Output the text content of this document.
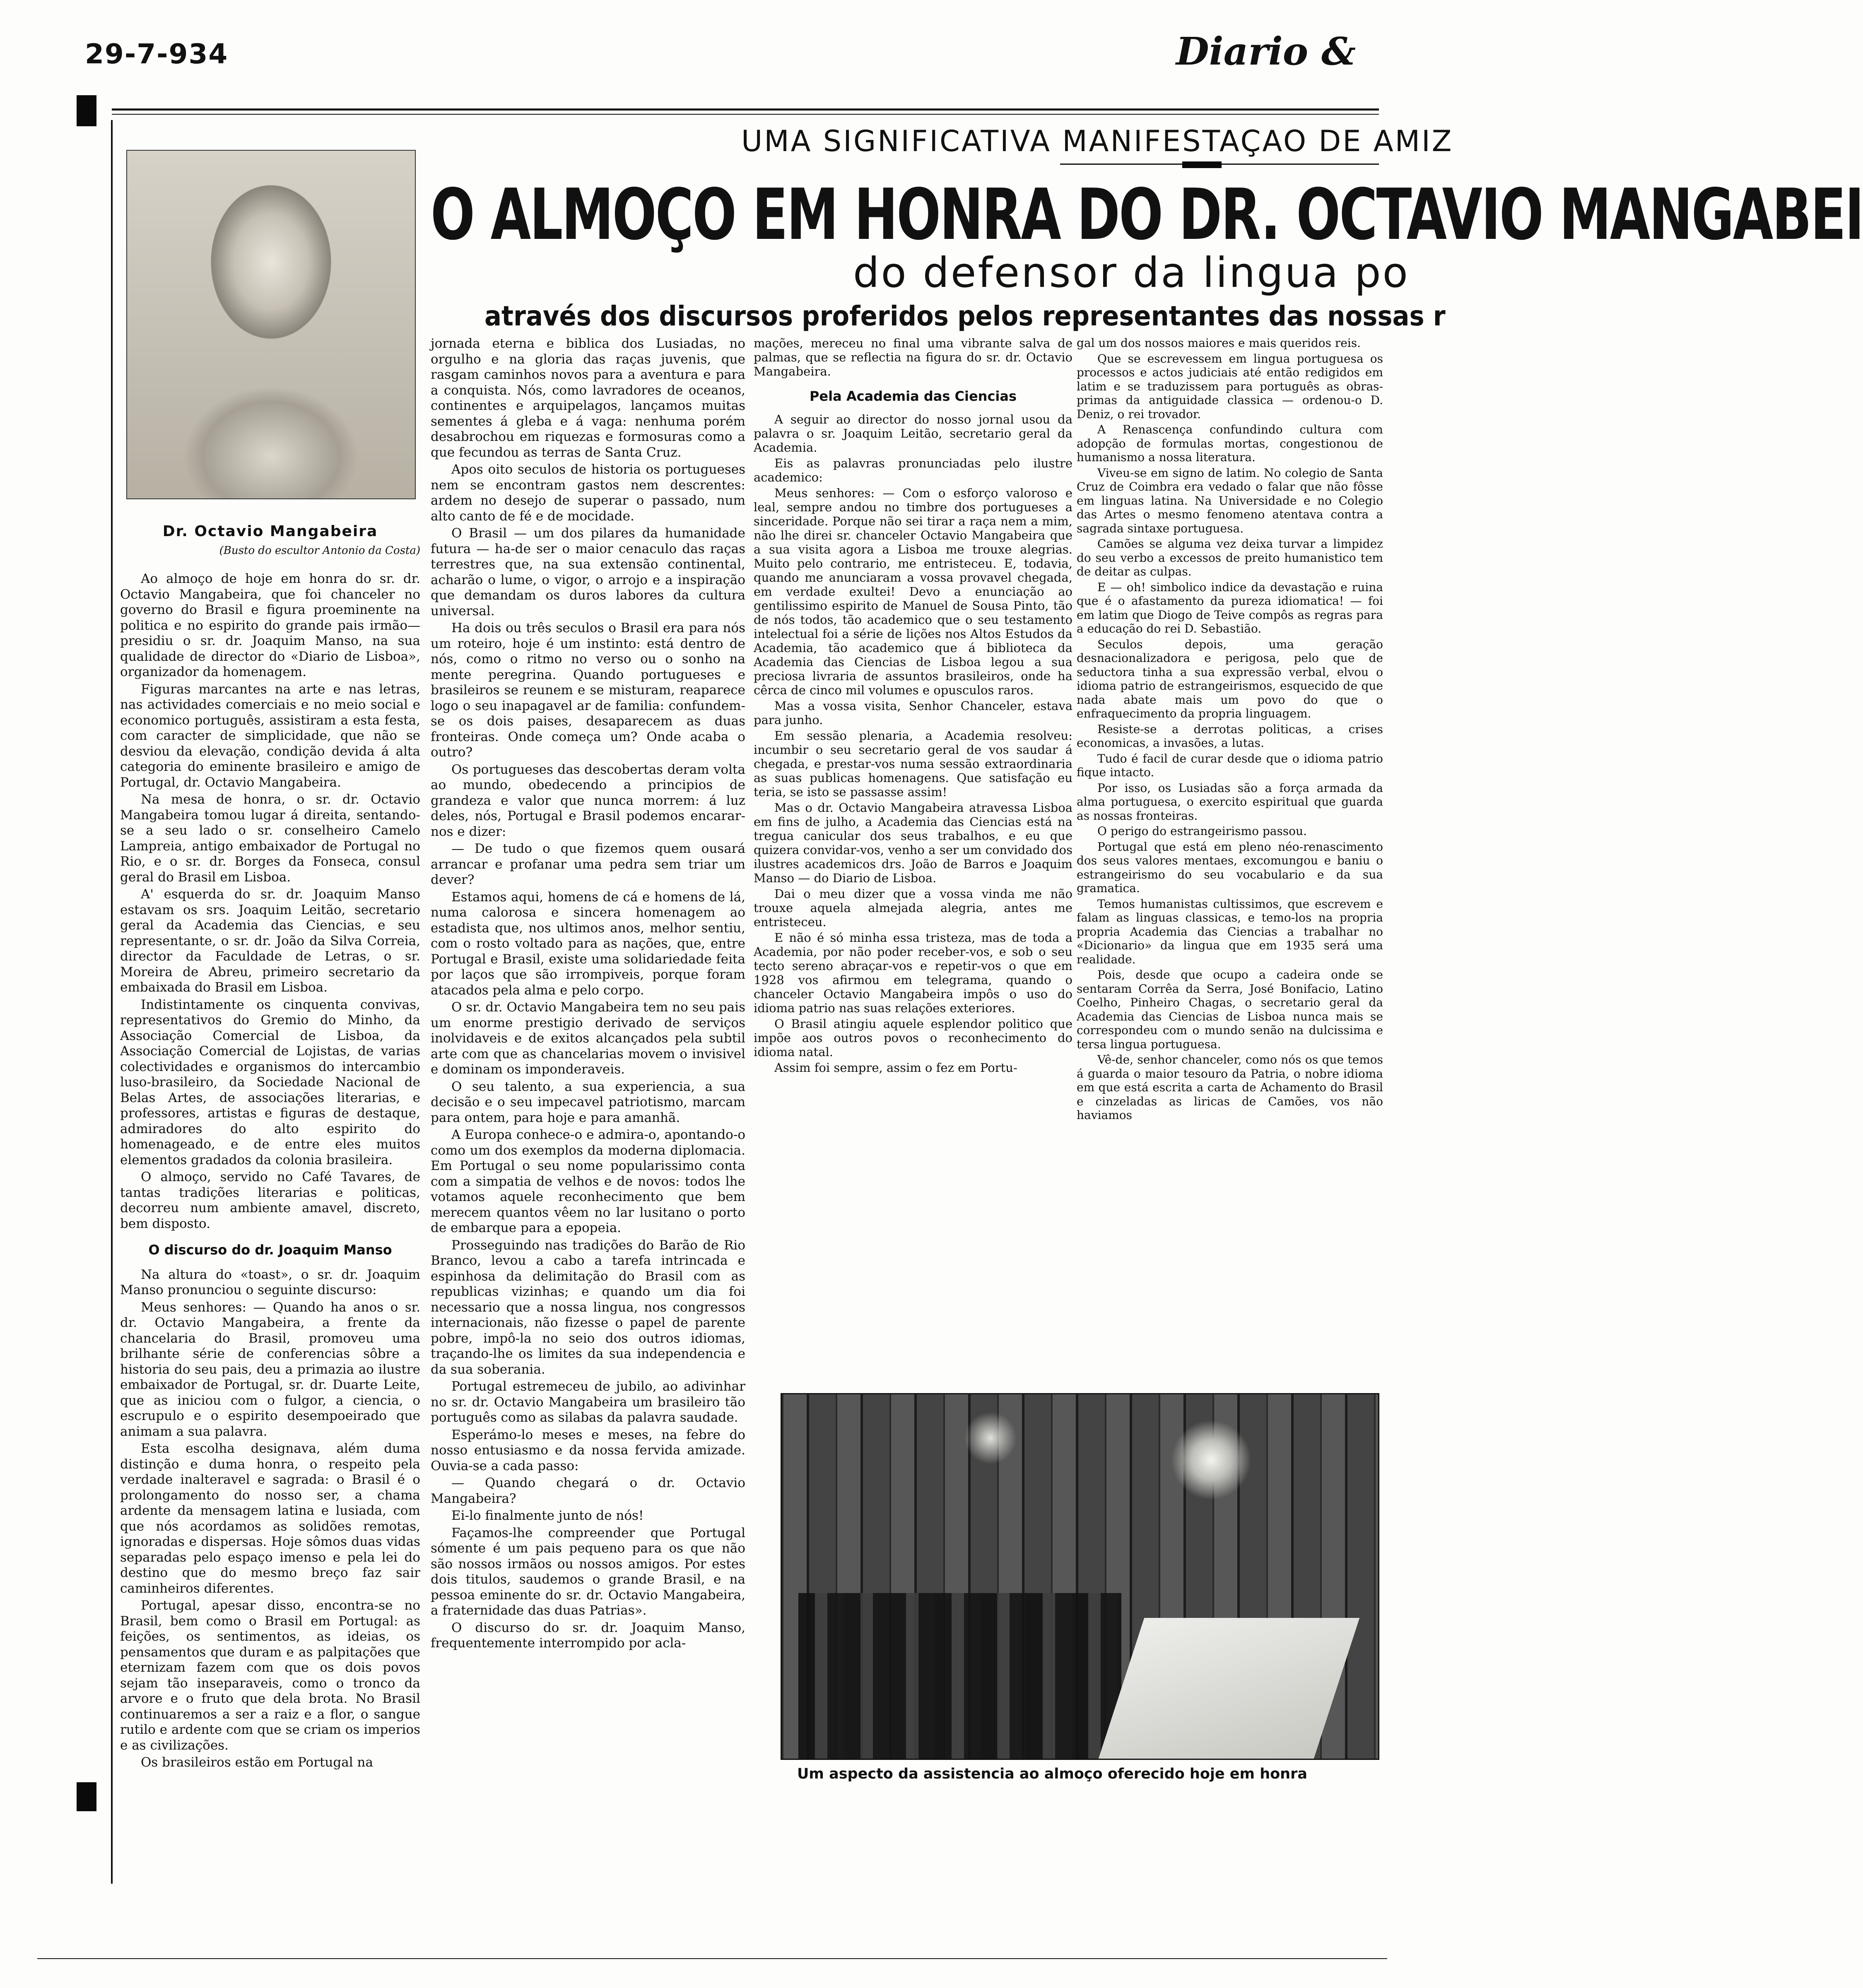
29-7-934	Diario &
UMA SIGNIFICATIVA MANIFESTAÇAO DE AMIZ
O ALMOÇO EM HONRA DO DR. OCTAVIO MANGABEI
do defensor da lingua po
através dos discursos proferidos pelos representantes das nossas r
Dr. Octavio Mangabeira
(Busto do escultor Antonio da Costa)

Ao almoço de hoje em honra do sr. dr. Octavio Mangabeira, que foi chanceler no governo do Brasil e figura proeminente na politica e no espirito do grande pais irmão—presidiu o sr. dr. Joaquim Manso, na sua qualidade de director do «Diario de Lisboa», organizador da homenagem.

Figuras marcantes na arte e nas letras, nas actividades comerciais e no meio social e economico português, assistiram a esta festa, com caracter de simplicidade, que não se desviou da elevação, condição devida á alta categoria do eminente brasileiro e amigo de Portugal, dr. Octavio Mangabeira.

Na mesa de honra, o sr. dr. Octavio Mangabeira tomou lugar á direita, sentando-se a seu lado o sr. conselheiro Camelo Lampreia, antigo embaixador de Portugal no Rio, e o sr. dr. Borges da Fonseca, consul geral do Brasil em Lisboa.

A' esquerda do sr. dr. Joaquim Manso estavam os srs. Joaquim Leitão, secretario geral da Academia das Ciencias, e seu representante, o sr. dr. João da Silva Correia, director da Faculdade de Letras, o sr. Moreira de Abreu, primeiro secretario da embaixada do Brasil em Lisboa.

Indistintamente os cinquenta convivas, representativos do Gremio do Minho, da Associação Comercial de Lisboa, da Associação Comercial de Lojistas, de varias colectividades e organismos do intercambio luso-brasileiro, da Sociedade Nacional de Belas Artes, de associações literarias, e professores, artistas e figuras de destaque, admiradores do alto espirito do homenageado, e de entre eles muitos elementos gradados da colonia brasileira.

O almoço, servido no Café Tavares, de tantas tradições literarias e politicas, decorreu num ambiente amavel, discreto, bem disposto.

O discurso do dr. Joaquim Manso

Na altura do «toast», o sr. dr. Joaquim Manso pronunciou o seguinte discurso:

Meus senhores: — Quando ha anos o sr. dr. Octavio Mangabeira, a frente da chancelaria do Brasil, promoveu uma brilhante série de conferencias sôbre a historia do seu pais, deu a primazia ao ilustre embaixador de Portugal, sr. dr. Duarte Leite, que as iniciou com o fulgor, a ciencia, o escrupulo e o espirito desempoeirado que animam a sua palavra.

Esta escolha designava, além duma distinção e duma honra, o respeito pela verdade inalteravel e sagrada: o Brasil é o prolongamento do nosso ser, a chama ardente da mensagem latina e lusiada, com que nós acordamos as solidões remotas, ignoradas e dispersas. Hoje sômos duas vidas separadas pelo espaço imenso e pela lei do destino que do mesmo breço faz sair caminheiros diferentes.

Portugal, apesar disso, encontra-se no Brasil, bem como o Brasil em Portugal: as feições, os sentimentos, as ideias, os pensamentos que duram e as palpitações que eternizam fazem com que os dois povos sejam tão inseparaveis, como o tronco da arvore e o fruto que dela brota. No Brasil continuaremos a ser a raiz e a flor, o sangue rutilo e ardente com que se criam os imperios e as civilizações.

Os brasileiros estão em Portugal na

jornada eterna e biblica dos Lusiadas, no orgulho e na gloria das raças juvenis, que rasgam caminhos novos para a aventura e para a conquista. Nós, como lavradores de oceanos, continentes e arquipelagos, lançamos muitas sementes á gleba e á vaga: nenhuma porém desabrochou em riquezas e formosuras como a que fecundou as terras de Santa Cruz.

Apos oito seculos de historia os portugueses nem se encontram gastos nem descrentes: ardem no desejo de superar o passado, num alto canto de fé e de mocidade.

O Brasil — um dos pilares da humanidade futura — ha-de ser o maior cenaculo das raças terrestres que, na sua extensão continental, acharão o lume, o vigor, o arrojo e a inspiração que demandam os duros labores da cultura universal.

Ha dois ou três seculos o Brasil era para nós um roteiro, hoje é um instinto: está dentro de nós, como o ritmo no verso ou o sonho na mente peregrina. Quando portugueses e brasileiros se reunem e se misturam, reaparece logo o seu inapagavel ar de familia: confundem-se os dois paises, desaparecem as duas fronteiras. Onde começa um? Onde acaba o outro?

Os portugueses das descobertas deram volta ao mundo, obedecendo a principios de grandeza e valor que nunca morrem: á luz deles, nós, Portugal e Brasil podemos encarar-nos e dizer:

— De tudo o que fizemos quem ousará arrancar e profanar uma pedra sem triar um dever?

Estamos aqui, homens de cá e homens de lá, numa calorosa e sincera homenagem ao estadista que, nos ultimos anos, melhor sentiu, com o rosto voltado para as nações, que, entre Portugal e Brasil, existe uma solidariedade feita por laços que são irrompiveis, porque foram atacados pela alma e pelo corpo.

O sr. dr. Octavio Mangabeira tem no seu pais um enorme prestigio derivado de serviços inolvidaveis e de exitos alcançados pela subtil arte com que as chancelarias movem o invisivel e dominam os imponderaveis.

O seu talento, a sua experiencia, a sua decisão e o seu impecavel patriotismo, marcam para ontem, para hoje e para amanhã.

A Europa conhece-o e admira-o, apontando-o como um dos exemplos da moderna diplomacia. Em Portugal o seu nome popularissimo conta com a simpatia de velhos e de novos: todos lhe votamos aquele reconhecimento que bem merecem quantos vêem no lar lusitano o porto de embarque para a epopeia.

Prosseguindo nas tradições do Barão de Rio Branco, levou a cabo a tarefa intrincada e espinhosa da delimitação do Brasil com as republicas vizinhas; e quando um dia foi necessario que a nossa lingua, nos congressos internacionais, não fizesse o papel de parente pobre, impô-la no seio dos outros idiomas, traçando-lhe os limites da sua independencia e da sua soberania.

Portugal estremeceu de jubilo, ao adivinhar no sr. dr. Octavio Mangabeira um brasileiro tão português como as silabas da palavra saudade.

Esperámo-lo meses e meses, na febre do nosso entusiasmo e da nossa fervida amizade. Ouvia-se a cada passo:

— Quando chegará o dr. Octavio Mangabeira?

Ei-lo finalmente junto de nós!

Façamos-lhe compreender que Portugal sómente é um pais pequeno para os que não são nossos irmãos ou nossos amigos. Por estes dois titulos, saudemos o grande Brasil, e na pessoa eminente do sr. dr. Octavio Mangabeira, a fraternidade das duas Patrias».

O discurso do sr. dr. Joaquim Manso, frequentemente interrompido por acla-

mações, mereceu no final uma vibrante salva de palmas, que se reflectia na figura do sr. dr. Octavio Mangabeira.

Pela Academia das Ciencias

A seguir ao director do nosso jornal usou da palavra o sr. Joaquim Leitão, secretario geral da Academia.

Eis as palavras pronunciadas pelo ilustre academico:

Meus senhores: — Com o esforço valoroso e leal, sempre andou no timbre dos portugueses a sinceridade. Porque não sei tirar a raça nem a mim, não lhe direi sr. chanceler Octavio Mangabeira que a sua visita agora a Lisboa me trouxe alegrias. Muito pelo contrario, me entristeceu. E, todavia, quando me anunciaram a vossa provavel chegada, em verdade exultei! Devo a enunciação ao gentilissimo espirito de Manuel de Sousa Pinto, tão de nós todos, tão academico que o seu testamento intelectual foi a série de lições nos Altos Estudos da Academia, tão academico que á biblioteca da Academia das Ciencias de Lisboa legou a sua preciosa livraria de assuntos brasileiros, onde ha cêrca de cinco mil volumes e opusculos raros.

Mas a vossa visita, Senhor Chanceler, estava para junho.

Em sessão plenaria, a Academia resolveu: incumbir o seu secretario geral de vos saudar á chegada, e prestar-vos numa sessão extraordinaria as suas publicas homenagens. Que satisfação eu teria, se isto se passasse assim!

Mas o dr. Octavio Mangabeira atravessa Lisboa em fins de julho, a Academia das Ciencias está na tregua canicular dos seus trabalhos, e eu que quizera convidar-vos, venho a ser um convidado dos ilustres academicos drs. João de Barros e Joaquim Manso — do Diario de Lisboa.

Dai o meu dizer que a vossa vinda me não trouxe aquela almejada alegria, antes me entristeceu.

E não é só minha essa tristeza, mas de toda a Academia, por não poder receber-vos, e sob o seu tecto sereno abraçar-vos e repetir-vos o que em 1928 vos afirmou em telegrama, quando o chanceler Octavio Mangabeira impôs o uso do idioma patrio nas suas relações exteriores.

O Brasil atingiu aquele esplendor politico que impõe aos outros povos o reconhecimento do idioma natal.

Assim foi sempre, assim o fez em Portu-

gal um dos nossos maiores e mais queridos reis.

Que se escrevessem em lingua portuguesa os processos e actos judiciais até então redigidos em latim e se traduzissem para português as obras-primas da antiguidade classica — ordenou-o D. Deniz, o rei trovador.

A Renascença confundindo cultura com adopção de formulas mortas, congestionou de humanismo a nossa literatura.

Viveu-se em signo de latim. No colegio de Santa Cruz de Coimbra era vedado o falar que não fôsse em linguas latina. Na Universidade e no Colegio das Artes o mesmo fenomeno atentava contra a sagrada sintaxe portuguesa.

Camões se alguma vez deixa turvar a limpidez do seu verbo a excessos de preito humanistico tem de deitar as culpas.

E — oh! simbolico indice da devastação e ruina que é o afastamento da pureza idiomatica! — foi em latim que Diogo de Teive compôs as regras para a educação do rei D. Sebastião.

Seculos depois, uma geração desnacionalizadora e perigosa, pelo que de seductora tinha a sua expressão verbal, elvou o idioma patrio de estrangeirismos, esquecido de que nada abate mais um povo do que o enfraquecimento da propria linguagem.

Resiste-se a derrotas politicas, a crises economicas, a invasões, a lutas.

Tudo é facil de curar desde que o idioma patrio fique intacto.

Por isso, os Lusiadas são a força armada da alma portuguesa, o exercito espiritual que guarda as nossas fronteiras.

O perigo do estrangeirismo passou.

Portugal que está em pleno néo-renascimento dos seus valores mentaes, excomungou e baniu o estrangeirismo do seu vocabulario e da sua gramatica.

Temos humanistas cultissimos, que escrevem e falam as linguas classicas, e temo-los na propria propria Academia das Ciencias a trabalhar no «Dicionario» da lingua que em 1935 será uma realidade.

Pois, desde que ocupo a cadeira onde se sentaram Corrêa da Serra, José Bonifacio, Latino Coelho, Pinheiro Chagas, o secretario geral da Academia das Ciencias de Lisboa nunca mais se correspondeu com o mundo senão na dulcissima e tersa lingua portuguesa.

Vê-de, senhor chanceler, como nós os que temos á guarda o maior tesouro da Patria, o nobre idioma em que está escrita a carta de Achamento do Brasil e cinzeladas as liricas de Camões, vos não haviamos

Um aspecto da assistencia ao almoço oferecido hoje em honra
